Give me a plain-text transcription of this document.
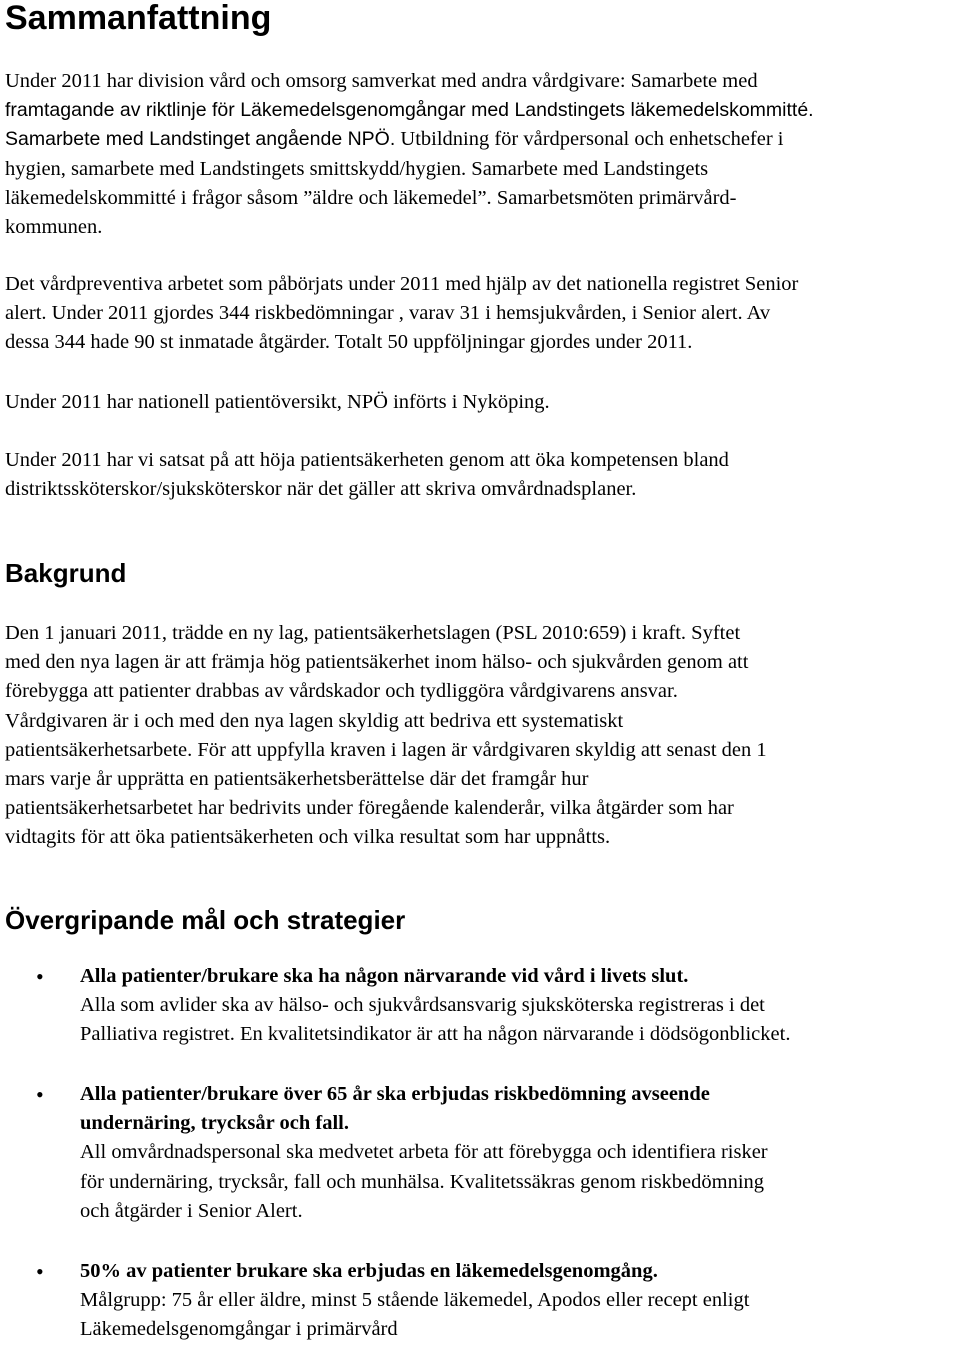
Sammanfattning

Under 2011 har division vård och omsorg samverkat med andra vårdgivare: Samarbete med
framtagande av riktlinje för Läkemedelsgenomgångar med Landstingets läkemedelskommitté.
Samarbete med Landstinget angående NPÖ. Utbildning för vårdpersonal och enhetschefer i
hygien, samarbete med Landstingets smittskydd/hygien. Samarbete med Landstingets
läkemedelskommitté i frågor såsom ”äldre och läkemedel”. Samarbetsmöten primärvård-
kommunen.

Det vårdpreventiva arbetet som påbörjats under 2011 med hjälp av det nationella registret Senior
alert. Under 2011 gjordes 344 riskbedömningar , varav 31 i hemsjukvården, i Senior alert. Av
dessa 344 hade 90 st inmatade åtgärder. Totalt 50 uppföljningar gjordes under 2011.

Under 2011 har nationell patientöversikt, NPÖ införts i Nyköping.

Under 2011 har vi satsat på att höja patientsäkerheten genom att öka kompetensen bland
distriktssköterskor/sjuksköterskor när det gäller att skriva omvårdnadsplaner.

Bakgrund

Den 1 januari 2011, trädde en ny lag, patientsäkerhetslagen (PSL 2010:659) i kraft. Syftet
med den nya lagen är att främja hög patientsäkerhet inom hälso- och sjukvården genom att
förebygga att patienter drabbas av vårdskador och tydliggöra vårdgivarens ansvar.
Vårdgivaren är i och med den nya lagen skyldig att bedriva ett systematiskt
patientsäkerhetsarbete. För att uppfylla kraven i lagen är vårdgivaren skyldig att senast den 1
mars varje år upprätta en patientsäkerhetsberättelse där det framgår hur
patientsäkerhetsarbetet har bedrivits under föregående kalenderår, vilka åtgärder som har
vidtagits för att öka patientsäkerheten och vilka resultat som har uppnåtts.

Övergripande mål och strategier
• Alla patienter/brukare ska ha någon närvarande vid vård i livets slut.
Alla som avlider ska av hälso- och sjukvårdsansvarig sjuksköterska registreras i det
Palliativa registret. En kvalitetsindikator är att ha någon närvarande i dödsögonblicket.
• Alla patienter/brukare över 65 år ska erbjudas riskbedömning avseende
undernäring, trycksår och fall.
All omvårdnadspersonal ska medvetet arbeta för att förebygga och identifiera risker
för undernäring, trycksår, fall och munhälsa. Kvalitetssäkras genom riskbedömning
och åtgärder i Senior Alert.
• 50% av patienter brukare ska erbjudas en läkemedelsgenomgång.
Målgrupp: 75 år eller äldre, minst 5 stående läkemedel, Apodos eller recept enligt
Läkemedelsgenomgångar i primärvård
